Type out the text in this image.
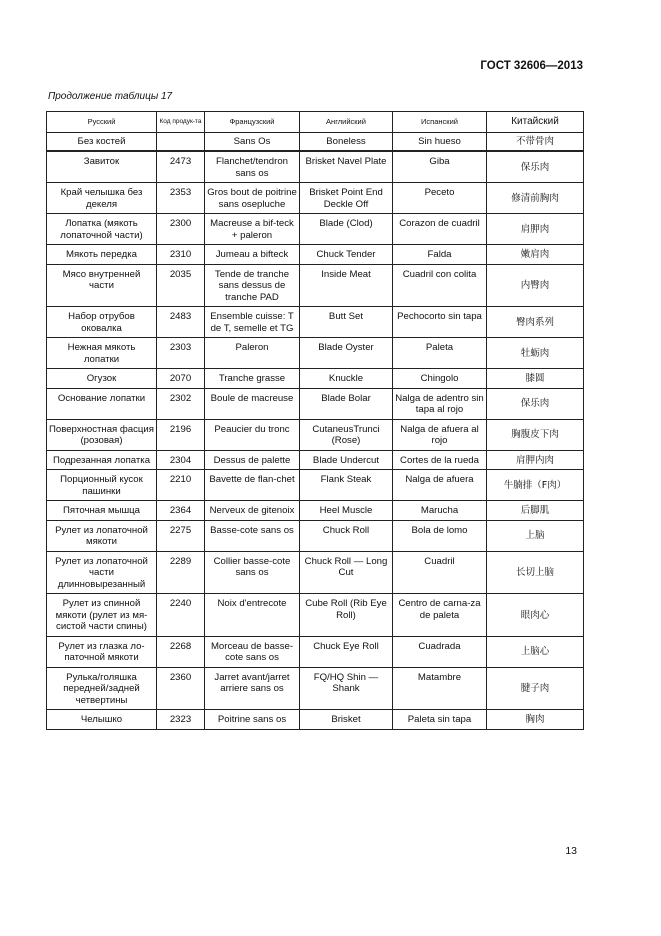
ГОСТ 32606—2013
Продолжение таблицы 17
Русский	Код продук-та	Французский	Английский	Испанский	Китайский
Без костей		Sans Os	Boneless	Sin hueso	不带骨肉
Завиток	2473	Flanchet/tendron sans os	Brisket Navel Plate	Giba	保乐肉
Край челышка без декеля	2353	Gros bout de poitrine sans osepluche	Brisket Point End Deckle Off	Peceto	修清前胸肉
Лопатка (мякоть лопаточной части)	2300	Macreuse a bif-teck + paleron	Blade (Clod)	Corazon de cuadril	肩胛肉
Мякоть передка	2310	Jumeau a bifteck	Chuck Tender	Falda	嫩肩肉
Мясо внутренней части	2035	Tende de tranche sans dessus de tranche PAD	Inside Meat	Cuadril con colita	内臀肉
Набор отрубов оковалка	2483	Ensemble cuisse: T de T, semelle et TG	Butt Set	Pechocorto sin tapa	臀肉系列
Нежная мякоть лопатки	2303	Paleron	Blade Oyster	Paleta	牡蛎肉
Огузок	2070	Tranche grasse	Knuckle	Chingolo	膝圆
Основание лопатки	2302	Boule de macreuse	Blade Bolar	Nalga de adentro sin tapa al rojo	保乐肉
Поверхностная фасция (розовая)	2196	Peaucier du tronc	CutaneusTrunci (Rose)	Nalga de afuera al rojo	胸腹皮下肉
Подрезанная лопатка	2304	Dessus de palette	Blade Undercut	Cortes de la rueda	肩胛内肉
Порционный кусок пашинки	2210	Bavette de flan-chet	Flank Steak	Nalga de afuera	牛腩排（F肉）
Пяточная мышца	2364	Nerveux de gitenoix	Heel Muscle	Marucha	后脚肌
Рулет из лопаточной мякоти	2275	Basse-cote sans os	Chuck Roll	Bola de lomo	上脑
Рулет из лопаточной части длинновырезанный	2289	Collier basse-cote sans os	Chuck Roll — Long Cut	Cuadril	长切上脑
Рулет из спинной мякоти (рулет из мя-систой части спины)	2240	Noix d'entrecote	Cube Roll (Rib Eye Roll)	Centro de carna-za de paleta	眼肉心
Рулет из глазка ло-паточной мякоти	2268	Morceau de basse-cote sans os	Chuck Eye Roll	Cuadrada	上脑心
Рулька/голяшка передней/задней четвертины	2360	Jarret avant/jarret arriere sans os	FQ/HQ Shin — Shank	Matambre	腱子肉
Челышко	2323	Poitrine sans os	Brisket	Paleta sin tapa	胸肉
13
